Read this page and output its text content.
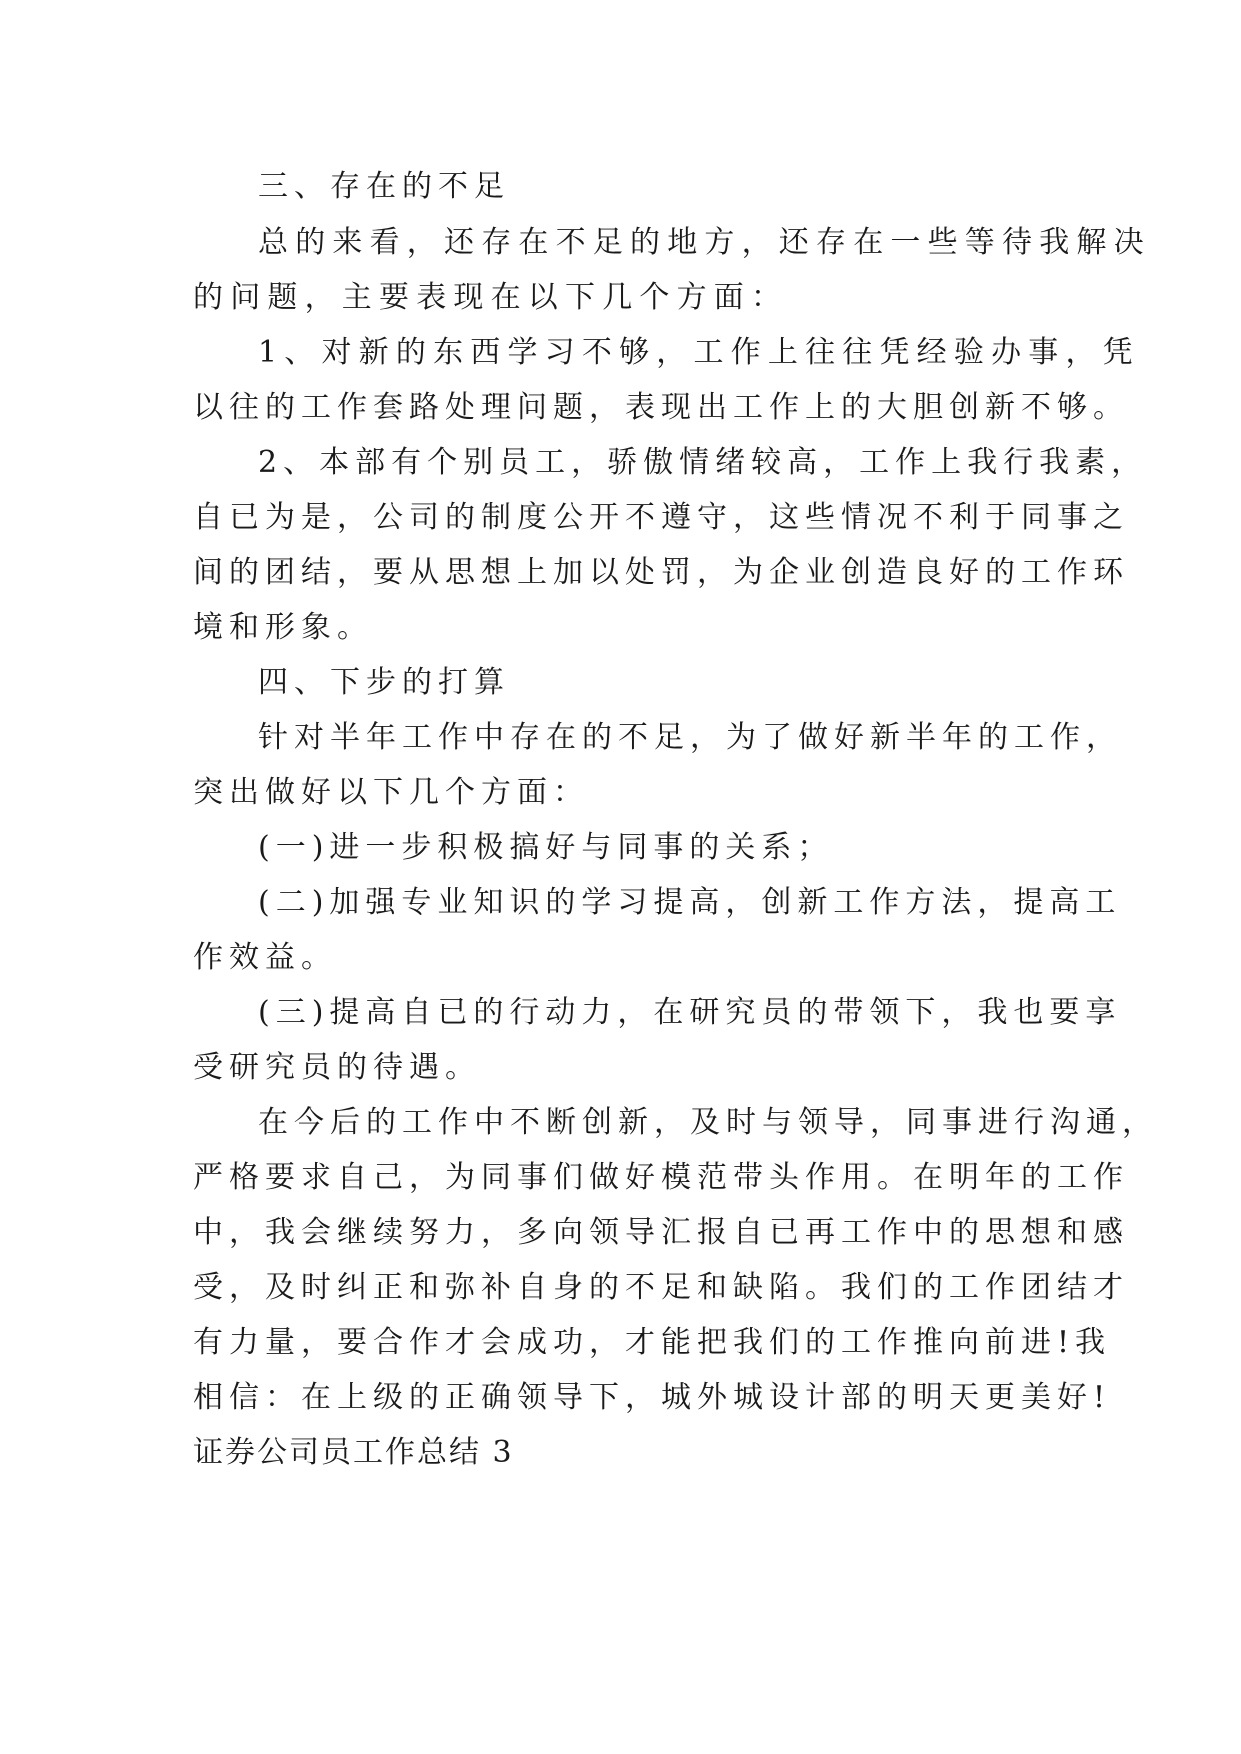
三、存在的不足
总的来看，还存在不足的地方，还存在一些等待我解决
的问题，主要表现在以下几个方面：
1、对新的东西学习不够，工作上往往凭经验办事，凭
以往的工作套路处理问题，表现出工作上的大胆创新不够。
2、本部有个别员工，骄傲情绪较高，工作上我行我素，
自已为是，公司的制度公开不遵守，这些情况不利于同事之
间的团结，要从思想上加以处罚，为企业创造良好的工作环
境和形象。
四、下步的打算
针对半年工作中存在的不足，为了做好新半年的工作，
突出做好以下几个方面：
(一)进一步积极搞好与同事的关系；
(二)加强专业知识的学习提高，创新工作方法，提高工
作效益。
(三)提高自已的行动力，在研究员的带领下，我也要享
受研究员的待遇。
在今后的工作中不断创新，及时与领导，同事进行沟通，
严格要求自己，为同事们做好模范带头作用。在明年的工作
中，我会继续努力，多向领导汇报自已再工作中的思想和感
受，及时纠正和弥补自身的不足和缺陷。我们的工作团结才
有力量，要合作才会成功，才能把我们的工作推向前进!我
相信：在上级的正确领导下，城外城设计部的明天更美好!
证券公司员工作总结 3
